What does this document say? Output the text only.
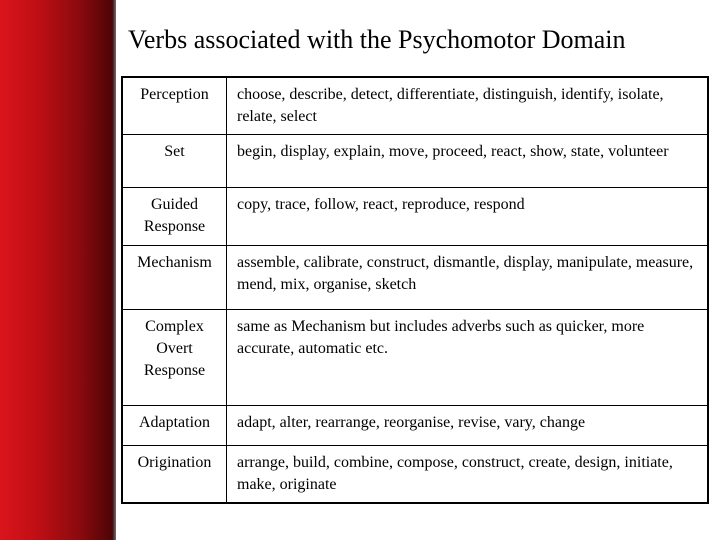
Verbs associated with the Psychomotor Domain
Perception	choose, describe, detect, differentiate, distinguish, identify, isolate, relate, select
Set	begin, display, explain, move, proceed, react, show, state, volunteer
Guided Response	copy, trace, follow, react, reproduce, respond
Mechanism	assemble, calibrate, construct, dismantle, display, manipulate, measure, mend, mix, organise, sketch
Complex Overt Response	same as Mechanism but includes adverbs such as quicker, more accurate, automatic etc.
Adaptation	adapt, alter, rearrange, reorganise, revise, vary, change
Origination	arrange, build, combine, compose, construct, create, design, initiate, make, originate
